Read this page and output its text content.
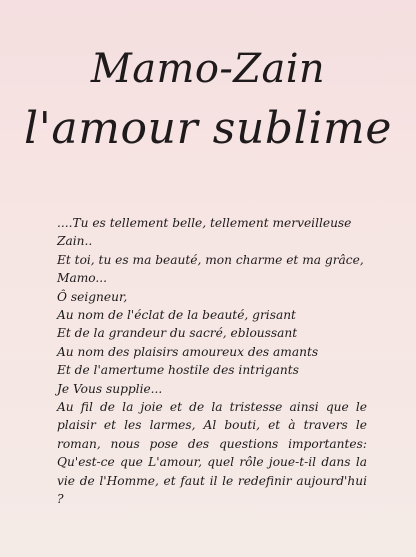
Mamo-Zain
l'amour sublime
....Tu es tellement belle, tellement merveilleuse Zain..
Et toi, tu es ma beauté, mon charme et ma grâce, Mamo...
Ô seigneur,
Au nom de l'éclat de la beauté, grisant
Et de la grandeur du sacré, ebloussant
Au nom des plaisirs amoureux des amants
Et de l'amertume hostile des intrigants
Je Vous supplie...
Au fil de la joie et de la tristesse ainsi que le plaisir et les larmes, Al bouti, et à travers le roman, nous pose des questions importantes: Qu'est-ce que L'amour, quel rôle joue-t-il dans la vie de l'Homme, et faut il le redefinir aujourd'hui ?
